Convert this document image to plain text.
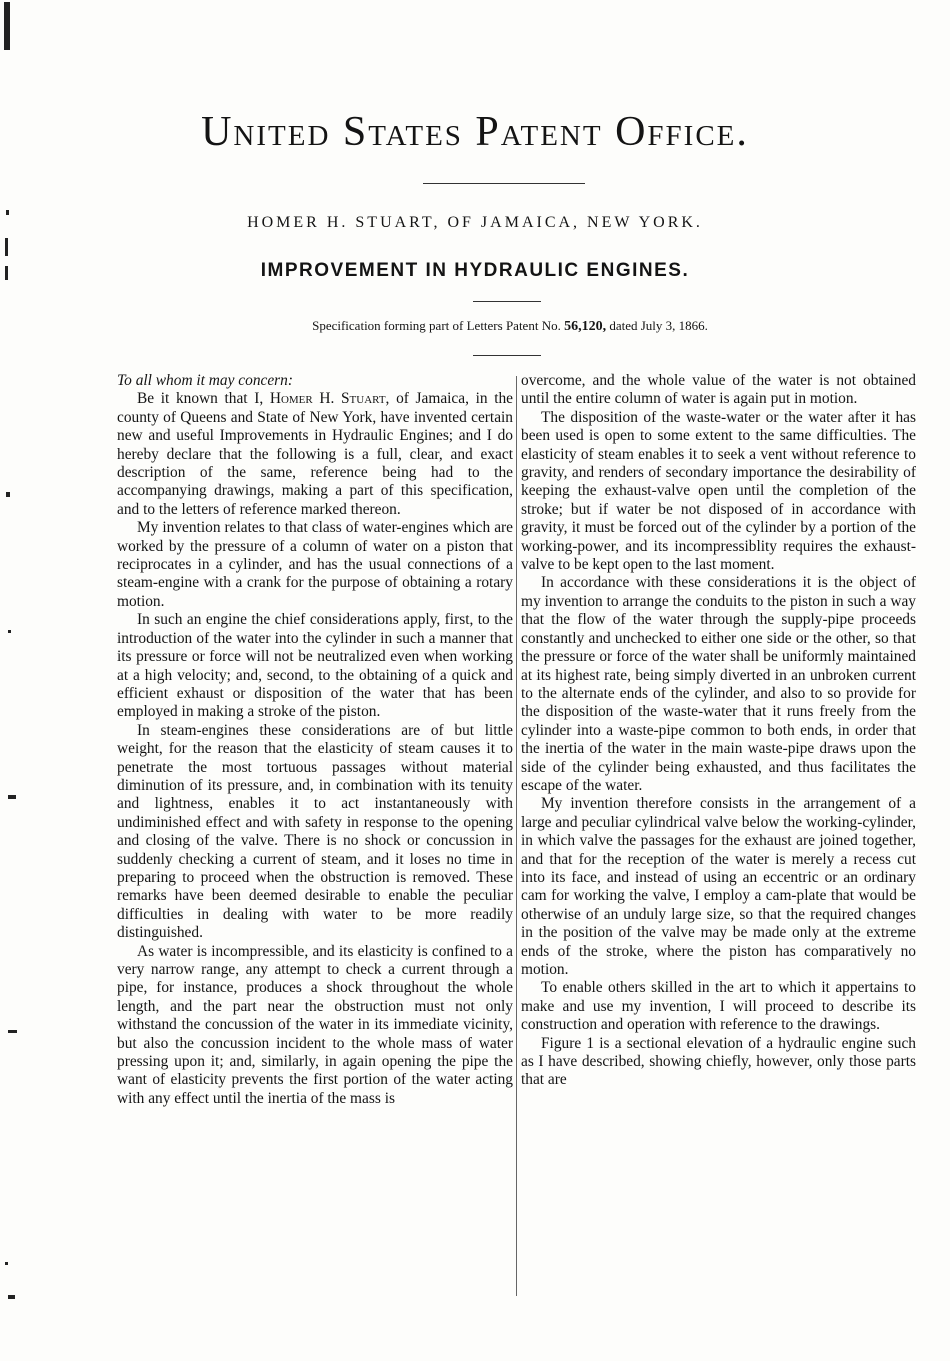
United States Patent Office.
HOMER H. STUART, OF JAMAICA, NEW YORK.
IMPROVEMENT IN HYDRAULIC ENGINES.
Specification forming part of Letters Patent No. 56,120, dated July 3, 1866.

To all whom it may concern:

Be it known that I, Homer H. Stuart, of Jamaica, in the county of Queens and State of New York, have invented certain new and useful Improvements in Hydraulic Engines; and I do hereby declare that the following is a full, clear, and exact description of the same, reference being had to the accompanying drawings, making a part of this specification, and to the letters of reference marked thereon.

My invention relates to that class of water-engines which are worked by the pressure of a column of water on a piston that reciprocates in a cylinder, and has the usual connections of a steam-engine with a crank for the purpose of obtaining a rotary motion.

In such an engine the chief considerations apply, first, to the introduction of the water into the cylinder in such a manner that its pressure or force will not be neutralized even when working at a high velocity; and, second, to the obtaining of a quick and efficient exhaust or disposition of the water that has been employed in making a stroke of the piston.

In steam-engines these considerations are of but little weight, for the reason that the elasticity of steam causes it to penetrate the most tortuous passages without material diminution of its pressure, and, in combination with its tenuity and lightness, enables it to act instantaneously with undiminished effect and with safety in response to the opening and closing of the valve. There is no shock or concussion in suddenly checking a current of steam, and it loses no time in preparing to proceed when the obstruction is removed. These remarks have been deemed desirable to enable the peculiar difficulties in dealing with water to be more readily distinguished.

As water is incompressible, and its elasticity is confined to a very narrow range, any attempt to check a current through a pipe, for instance, produces a shock throughout the whole length, and the part near the obstruction must not only withstand the concussion of the water in its immediate vicinity, but also the concussion incident to the whole mass of water pressing upon it; and, similarly, in again opening the pipe the want of elasticity prevents the first portion of the water acting with any effect until the inertia of the mass is

overcome, and the whole value of the water is not obtained until the entire column of water is again put in motion.

The disposition of the waste-water or the water after it has been used is open to some extent to the same difficulties. The elasticity of steam enables it to seek a vent without reference to gravity, and renders of secondary importance the desirability of keeping the exhaust-valve open until the completion of the stroke; but if water be not disposed of in accordance with gravity, it must be forced out of the cylinder by a portion of the working-power, and its incompressiblity requires the exhaust-valve to be kept open to the last moment.

In accordance with these considerations it is the object of my invention to arrange the conduits to the piston in such a way that the flow of the water through the supply-pipe proceeds constantly and unchecked to either one side or the other, so that the pressure or force of the water shall be uniformly maintained at its highest rate, being simply diverted in an unbroken current to the alternate ends of the cylinder, and also to so provide for the disposition of the waste-water that it runs freely from the cylinder into a waste-pipe common to both ends, in order that the inertia of the water in the main waste-pipe draws upon the side of the cylinder being exhausted, and thus facilitates the escape of the water.

My invention therefore consists in the arrangement of a large and peculiar cylindrical valve below the working-cylinder, in which valve the passages for the exhaust are joined together, and that for the reception of the water is merely a recess cut into its face, and instead of using an eccentric or an ordinary cam for working the valve, I employ a cam-plate that would be otherwise of an unduly large size, so that the required changes in the position of the valve may be made only at the extreme ends of the stroke, where the piston has comparatively no motion.

To enable others skilled in the art to which it appertains to make and use my invention, I will proceed to describe its construction and operation with reference to the drawings.

Figure 1 is a sectional elevation of a hydraulic engine such as I have described, showing chiefly, however, only those parts that are
